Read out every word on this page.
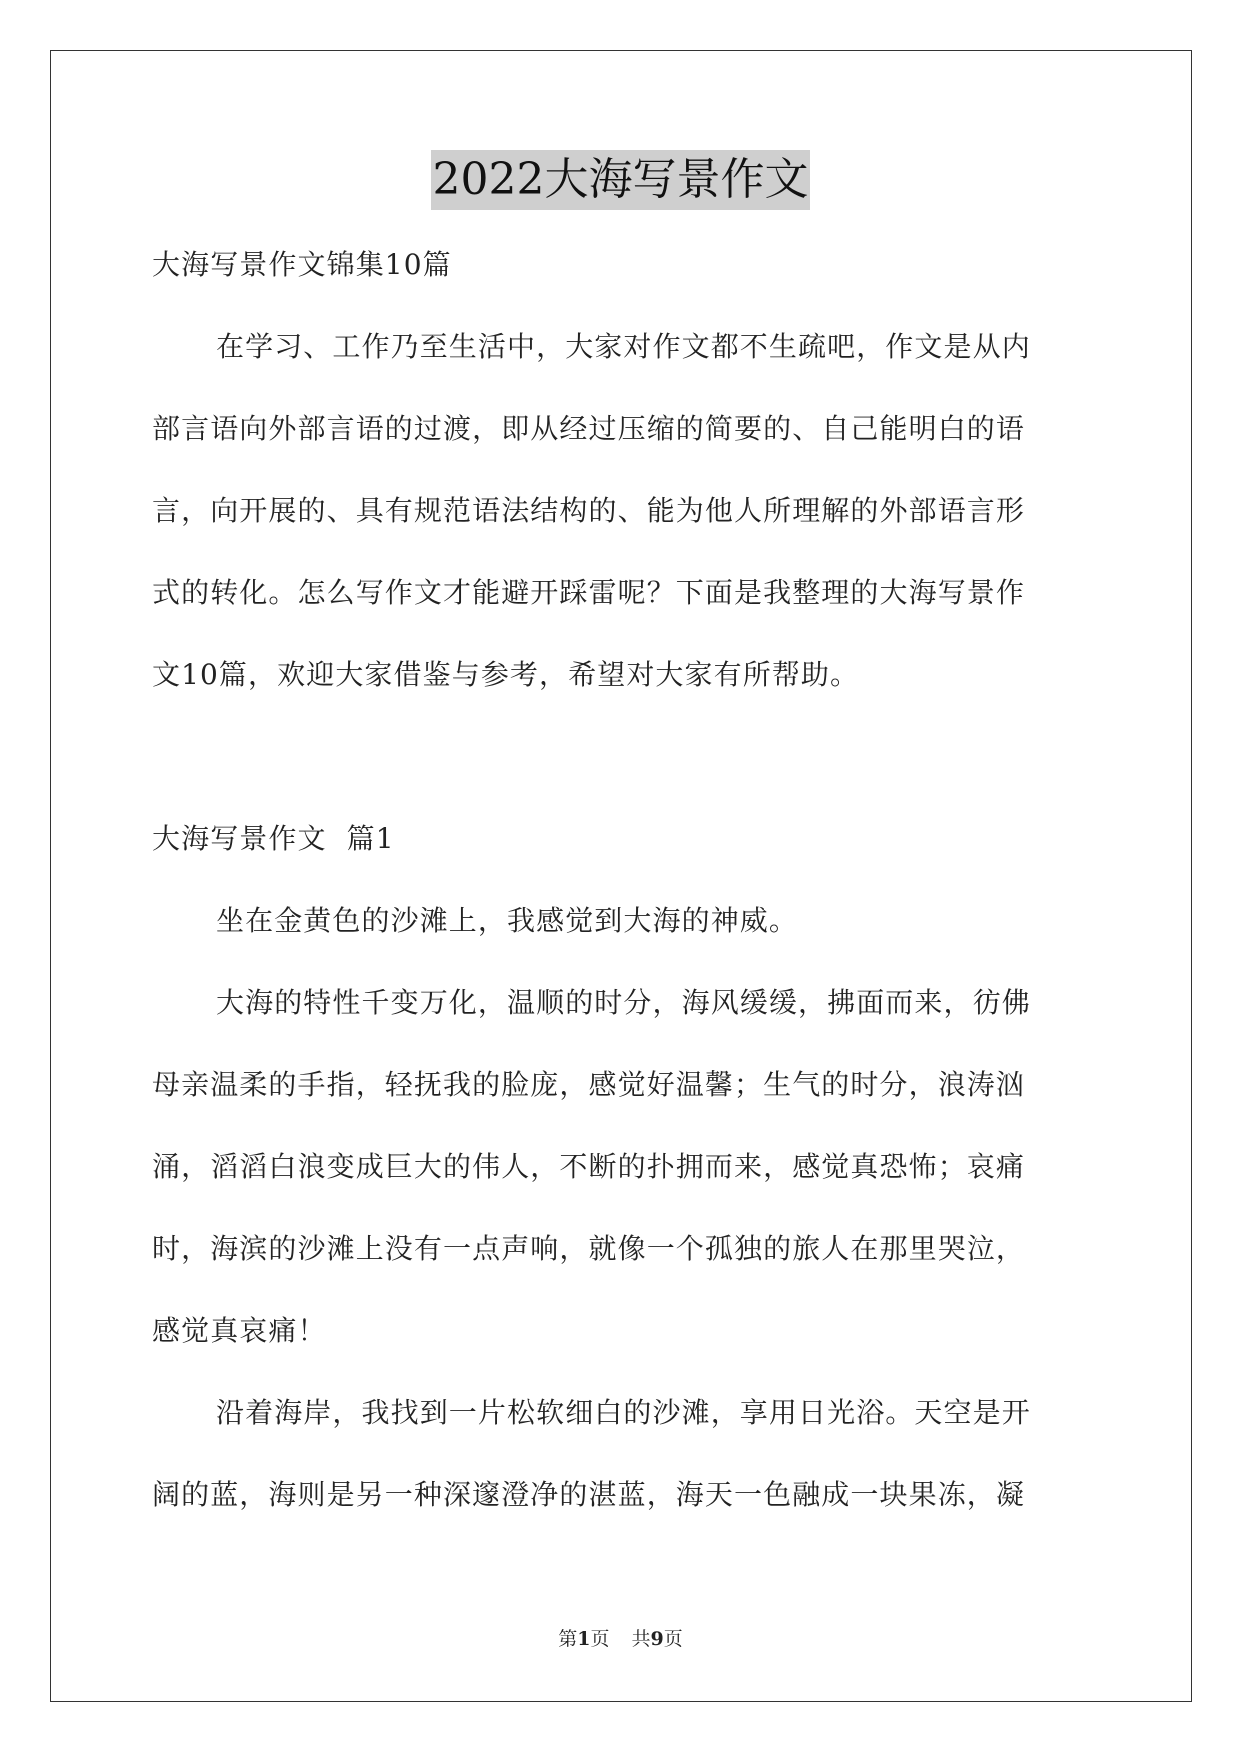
2022大海写景作文
大海写景作文锦集10篇
在学习、工作乃至生活中，大家对作文都不生疏吧，作文是从内
部言语向外部言语的过渡，即从经过压缩的简要的、自己能明白的语
言，向开展的、具有规范语法结构的、能为他人所理解的外部语言形
式的转化。怎么写作文才能避开踩雷呢？下面是我整理的大海写景作
文10篇，欢迎大家借鉴与参考，希望对大家有所帮助。
大海写景作文  篇1
坐在金黄色的沙滩上，我感觉到大海的神威。
大海的特性千变万化，温顺的时分，海风缓缓，拂面而来，彷佛
母亲温柔的手指，轻抚我的脸庞，感觉好温馨；生气的时分，浪涛汹
涌，滔滔白浪变成巨大的伟人，不断的扑拥而来，感觉真恐怖；哀痛
时，海滨的沙滩上没有一点声响，就像一个孤独的旅人在那里哭泣，
感觉真哀痛！
沿着海岸，我找到一片松软细白的沙滩，享用日光浴。天空是开
阔的蓝，海则是另一种深邃澄净的湛蓝，海天一色融成一块果冻，凝
第1页 共9页
